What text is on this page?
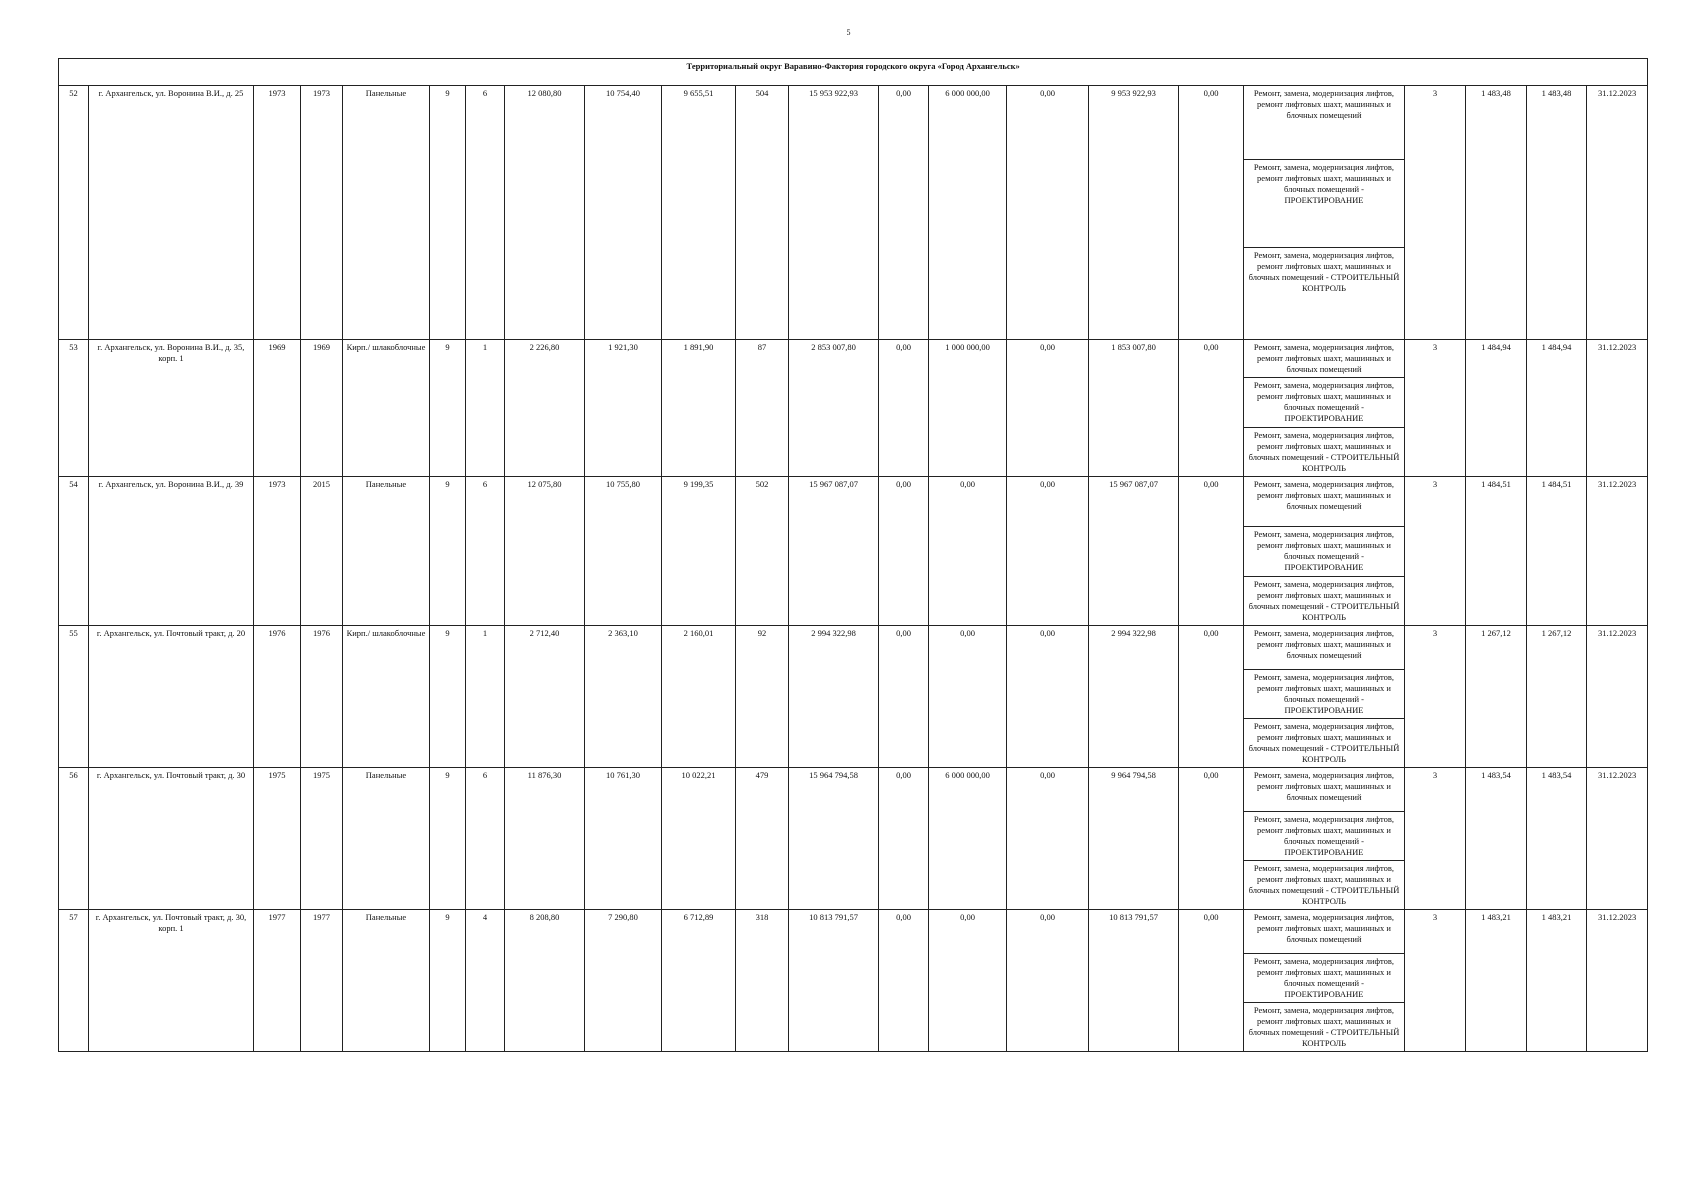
5
Территориальный округ Варавино-Фактория городского округа «Город Архангельск»																					
52	г. Архангельск, ул. Воронина В.И., д. 25	1973	1973	Панельные	9	6	12 080,80	10 754,40	9 655,51	504	15 953 922,93	0,00	6 000 000,00	0,00	9 953 922,93	0,00	Ремонт, замена, модернизация лифтов, ремонт лифтовых шахт, машинных и блочных помещений	3	1 483,48	1 483,48	31.12.2023
																	Ремонт, замена, модернизация лифтов, ремонт лифтовых шахт, машинных и блочных помещений - ПРОЕКТИРОВАНИЕ				
																	Ремонт, замена, модернизация лифтов, ремонт лифтовых шахт, машинных и блочных помещений - СТРОИТЕЛЬНЫЙ КОНТРОЛЬ				
53	г. Архангельск, ул. Воронина В.И., д. 35, корп. 1	1969	1969	Кирп./ шлакоблочные	9	1	2 226,80	1 921,30	1 891,90	87	2 853 007,80	0,00	1 000 000,00	0,00	1 853 007,80	0,00	Ремонт, замена, модернизация лифтов, ремонт лифтовых шахт, машинных и блочных помещений	3	1 484,94	1 484,94	31.12.2023
																	Ремонт, замена, модернизация лифтов, ремонт лифтовых шахт, машинных и блочных помещений - ПРОЕКТИРОВАНИЕ				
																	Ремонт, замена, модернизация лифтов, ремонт лифтовых шахт, машинных и блочных помещений - СТРОИТЕЛЬНЫЙ КОНТРОЛЬ				
54	г. Архангельск, ул. Воронина В.И., д. 39	1973	2015	Панельные	9	6	12 075,80	10 755,80	9 199,35	502	15 967 087,07	0,00	0,00	0,00	15 967 087,07	0,00	Ремонт, замена, модернизация лифтов, ремонт лифтовых шахт, машинных и блочных помещений	3	1 484,51	1 484,51	31.12.2023
																	Ремонт, замена, модернизация лифтов, ремонт лифтовых шахт, машинных и блочных помещений - ПРОЕКТИРОВАНИЕ				
																	Ремонт, замена, модернизация лифтов, ремонт лифтовых шахт, машинных и блочных помещений - СТРОИТЕЛЬНЫЙ КОНТРОЛЬ				
55	г. Архангельск, ул. Почтовый тракт, д. 20	1976	1976	Кирп./ шлакоблочные	9	1	2 712,40	2 363,10	2 160,01	92	2 994 322,98	0,00	0,00	0,00	2 994 322,98	0,00	Ремонт, замена, модернизация лифтов, ремонт лифтовых шахт, машинных и блочных помещений	3	1 267,12	1 267,12	31.12.2023
																	Ремонт, замена, модернизация лифтов, ремонт лифтовых шахт, машинных и блочных помещений - ПРОЕКТИРОВАНИЕ				
																	Ремонт, замена, модернизация лифтов, ремонт лифтовых шахт, машинных и блочных помещений - СТРОИТЕЛЬНЫЙ КОНТРОЛЬ				
56	г. Архангельск, ул. Почтовый тракт, д. 30	1975	1975	Панельные	9	6	11 876,30	10 761,30	10 022,21	479	15 964 794,58	0,00	6 000 000,00	0,00	9 964 794,58	0,00	Ремонт, замена, модернизация лифтов, ремонт лифтовых шахт, машинных и блочных помещений	3	1 483,54	1 483,54	31.12.2023
																	Ремонт, замена, модернизация лифтов, ремонт лифтовых шахт, машинных и блочных помещений - ПРОЕКТИРОВАНИЕ				
																	Ремонт, замена, модернизация лифтов, ремонт лифтовых шахт, машинных и блочных помещений - СТРОИТЕЛЬНЫЙ КОНТРОЛЬ				
57	г. Архангельск, ул. Почтовый тракт, д. 30, корп. 1	1977	1977	Панельные	9	4	8 208,80	7 290,80	6 712,89	318	10 813 791,57	0,00	0,00	0,00	10 813 791,57	0,00	Ремонт, замена, модернизация лифтов, ремонт лифтовых шахт, машинных и блочных помещений	3	1 483,21	1 483,21	31.12.2023
																	Ремонт, замена, модернизация лифтов, ремонт лифтовых шахт, машинных и блочных помещений - ПРОЕКТИРОВАНИЕ				
																	Ремонт, замена, модернизация лифтов, ремонт лифтовых шахт, машинных и блочных помещений - СТРОИТЕЛЬНЫЙ КОНТРОЛЬ				
